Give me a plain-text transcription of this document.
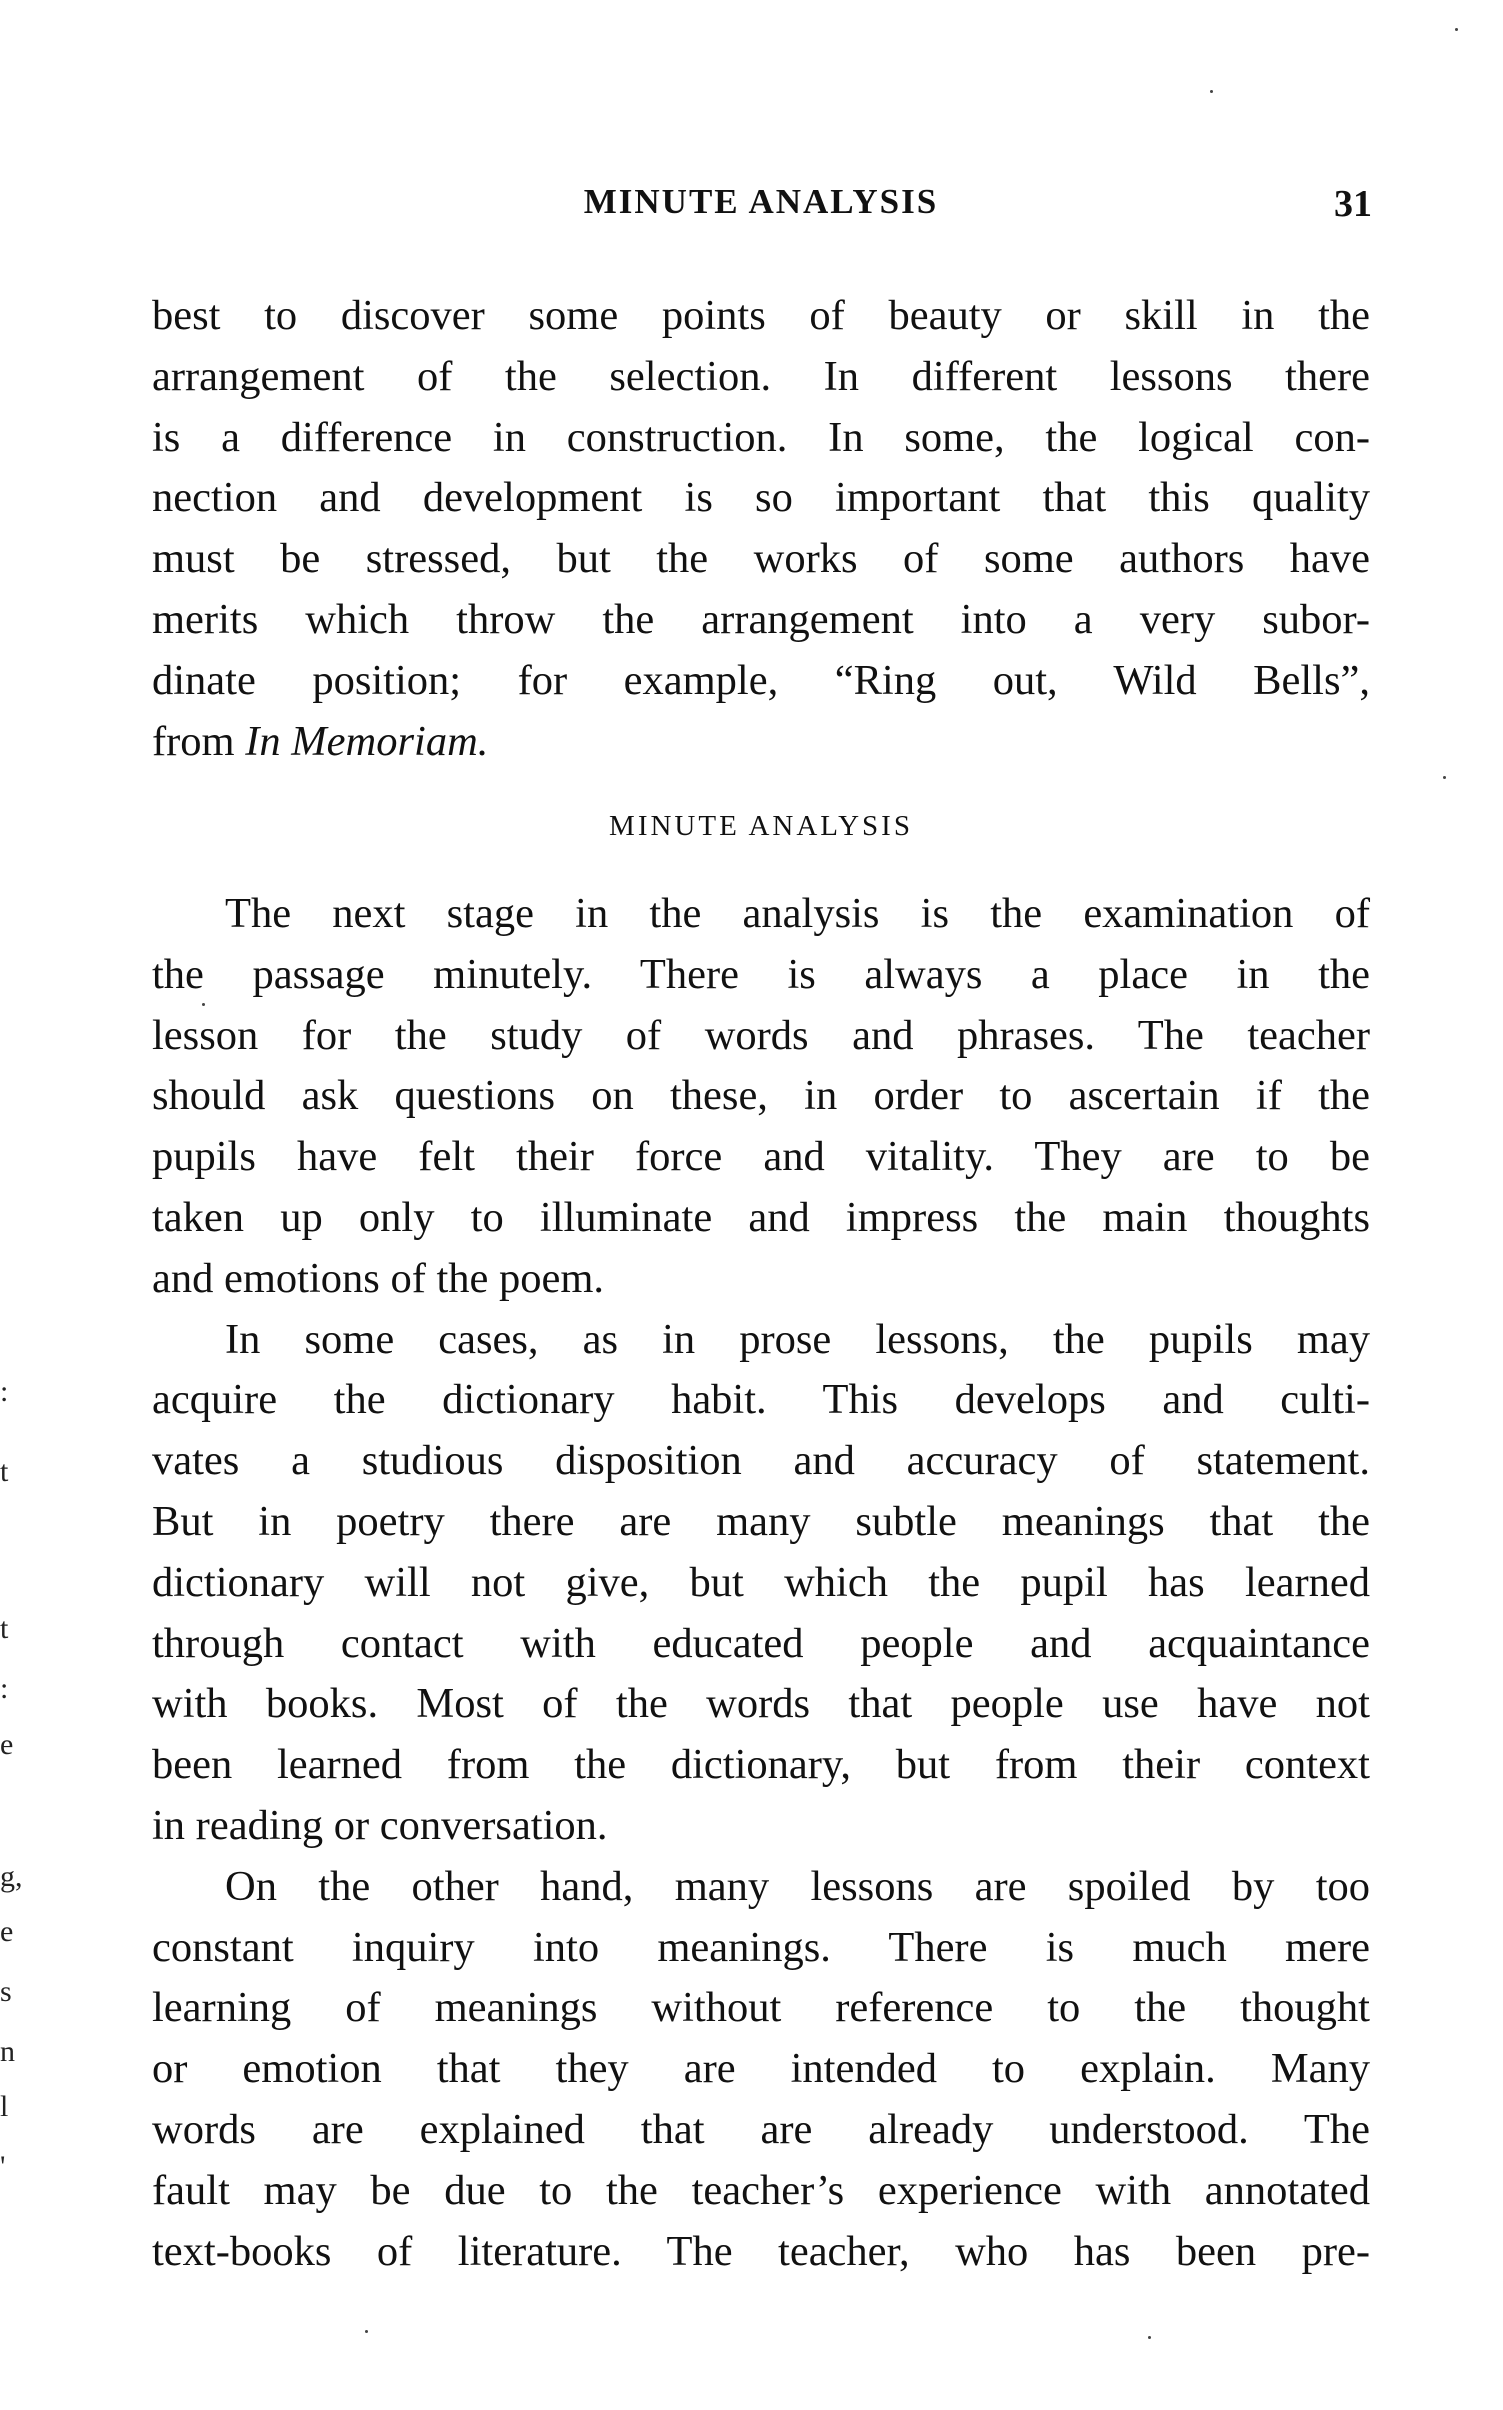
MINUTE ANALYSIS	31
best to discover some points of beauty or skill in the
arrangement of the selection. In different lessons there
is a difference in construction. In some, the logical con-
nection and development is so important that this quality
must be stressed, but the works of some authors have
merits which throw the arrangement into a very subor-
dinate position; for example, “Ring out, Wild Bells”,
from In Memoriam.
MINUTE ANALYSIS
The next stage in the analysis is the examination of
the passage minutely. There is always a place in the
lesson for the study of words and phrases. The teacher
should ask questions on these, in order to ascertain if the
pupils have felt their force and vitality. They are to be
taken up only to illuminate and impress the main thoughts
and emotions of the poem.
In some cases, as in prose lessons, the pupils may
acquire the dictionary habit. This develops and culti-
vates a studious disposition and accuracy of statement.
But in poetry there are many subtle meanings that the
dictionary will not give, but which the pupil has learned
through contact with educated people and acquaintance
with books. Most of the words that people use have not
been learned from the dictionary, but from their context
in reading or conversation.
On the other hand, many lessons are spoiled by too
constant inquiry into meanings. There is much mere
learning of meanings without reference to the thought
or emotion that they are intended to explain. Many
words are explained that are already understood. The
fault may be due to the teacher’s experience with annotated
text-books of literature. The teacher, who has been pre-
:
t
t
:
e
g,
e
s
n
l
'
